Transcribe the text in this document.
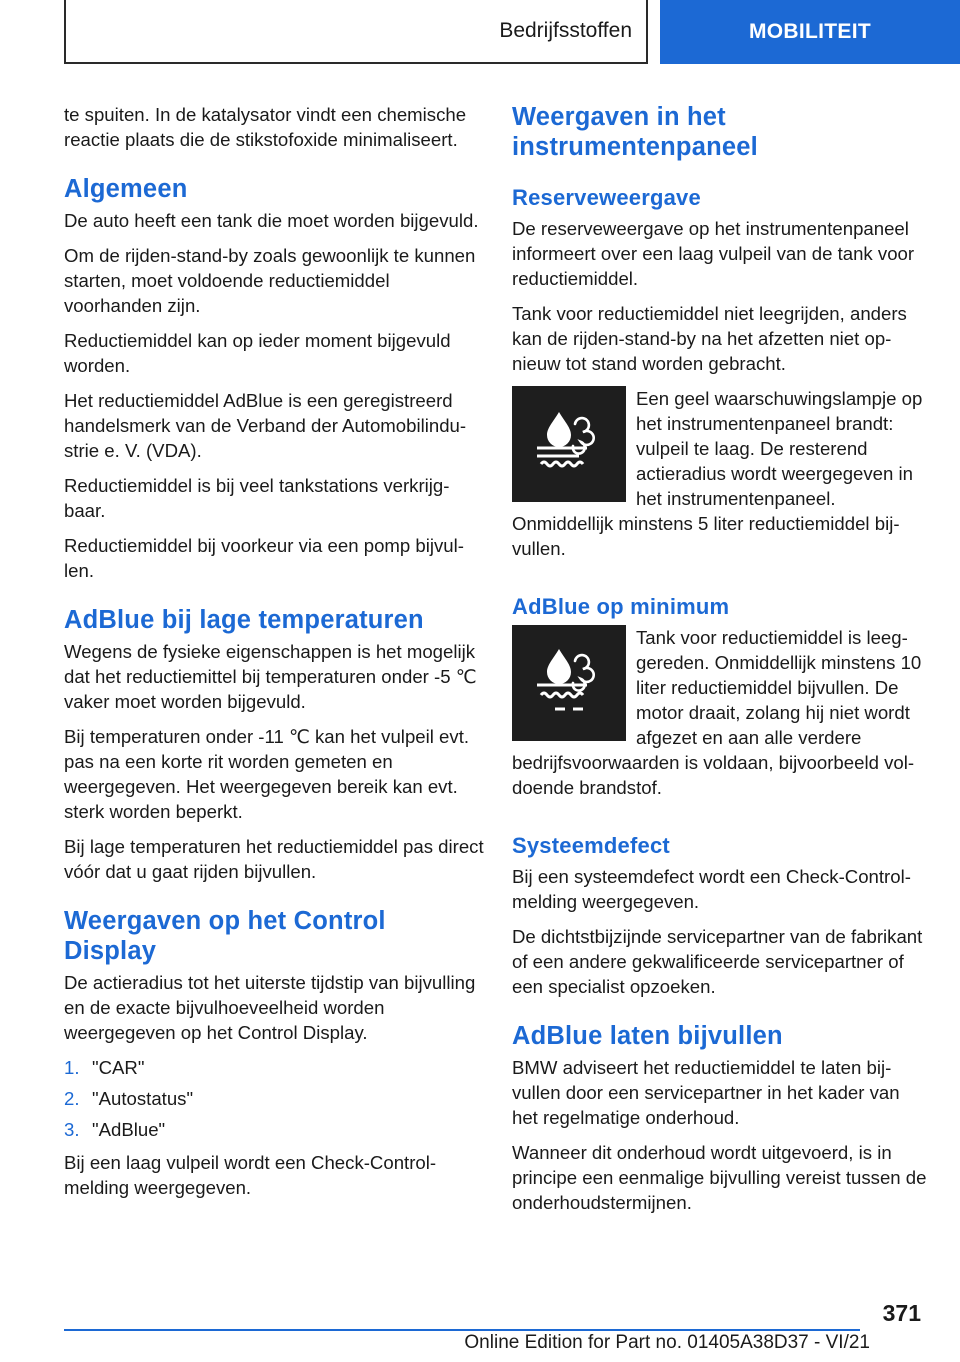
Bedrijfsstoffen	MOBILITEIT

te spuiten. In de katalysator vindt een chemische reactie plaats die de stikstofoxide minimaliseert.

Algemeen

De auto heeft een tank die moet worden bijgevuld.

Om de rijden-stand-by zoals gewoonlijk te kunnen starten, moet voldoende reductiemiddel voorhanden zijn.

Reductiemiddel kan op ieder moment bijgevuld worden.

Het reductiemiddel AdBlue is een geregistreerd handelsmerk van de Verband der Automobilindustrie e. V. (VDA).

Reductiemiddel is bij veel tankstations verkrijgbaar.

Reductiemiddel bij voorkeur via een pomp bijvullen.

AdBlue bij lage temperaturen

Wegens de fysieke eigenschappen is het mogelijk dat het reductiemittel bij temperaturen onder -5 ℃ vaker moet worden bijgevuld.

Bij temperaturen onder -11 ℃ kan het vulpeil evt. pas na een korte rit worden gemeten en weergegeven. Het weergegeven bereik kan evt. sterk worden beperkt.

Bij lage temperaturen het reductiemiddel pas direct vóór dat u gaat rijden bijvullen.

Weergaven op het Control Display

De actieradius tot het uiterste tijdstip van bijvulling en de exacte bijvulhoeveelheid worden weergegeven op het Control Display.

1. "CAR"
2. "Autostatus"
3. "AdBlue"

Bij een laag vulpeil wordt een Check-Control-melding weergegeven.

Weergaven in het instrumentenpaneel
Reserveweergave

De reserveweergave op het instrumentenpaneel informeert over een laag vulpeil van de tank voor reductiemiddel.

Tank voor reductiemiddel niet leegrijden, anders kan de rijden-stand-by na het afzetten niet opnieuw tot stand worden gebracht.

Een geel waarschuwingslampje op het instrumentenpaneel brandt: vulpeil te laag. De resterend actieradius wordt weergegeven in het instrumentenpaneel. Onmiddellijk minstens 5 liter reductiemiddel bijvullen.

AdBlue op minimum

Tank voor reductiemiddel is leeggereden. Onmiddellijk minstens 10 liter reductiemiddel bijvullen. De motor draait, zolang hij niet wordt afgezet en aan alle verdere bedrijfsvoorwaarden is voldaan, bijvoorbeeld voldoende brandstof.

Systeemdefect

Bij een systeemdefect wordt een Check-Control-melding weergegeven.

De dichtstbijzijnde servicepartner van de fabrikant of een andere gekwalificeerde servicepartner of een specialist opzoeken.

AdBlue laten bijvullen

BMW adviseert het reductiemiddel te laten bijvullen door een servicepartner in het kader van het regelmatige onderhoud.

Wanneer dit onderhoud wordt uitgevoerd, is in principe een eenmalige bijvulling vereist tussen de onderhoudstermijnen.

371
Online Edition for Part no. 01405A38D37 - VI/21
